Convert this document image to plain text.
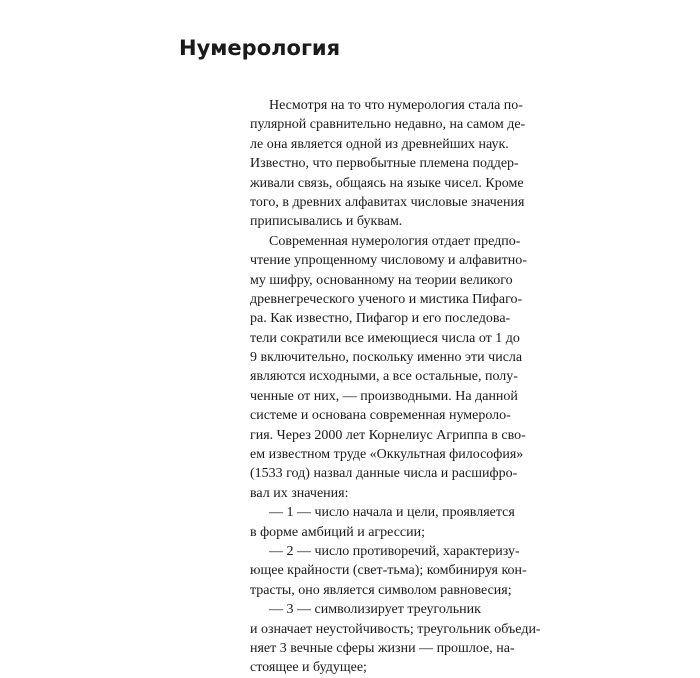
Нумерология
Несмотря на то что нумерология стала по-
пулярной сравнительно недавно, на самом де-
ле она является одной из древнейших наук.
Известно, что первобытные племена поддер-
живали связь, общаясь на языке чисел. Кроме
того, в древних алфавитах числовые значения
приписывались и буквам.
Современная нумерология отдает предпо-
чтение упрощенному числовому и алфавитно-
му шифру, основанному на теории великого
древнегреческого ученого и мистика Пифаго-
ра. Как известно, Пифагор и его последова-
тели сократили все имеющиеся числа от 1 до
9 включительно, поскольку именно эти числа
являются исходными, а все остальные, полу-
ченные от них, — производными. На данной
системе и основана современная нумероло-
гия. Через 2000 лет Корнелиус Агриппа в сво-
ем известном труде «Оккультная философия»
(1533 год) назвал данные числа и расшифро-
вал их значения:
— 1 — число начала и цели, проявляется
в форме амбиций и агрессии;
— 2 — число противоречий, характеризу-
ющее крайности (свет-тьма); комбинируя кон-
трасты, оно является символом равновесия;
— 3 — символизирует треугольник
и означает неустойчивость; треугольник объеди-
няет 3 вечные сферы жизни — прошлое, на-
стоящее и будущее;
